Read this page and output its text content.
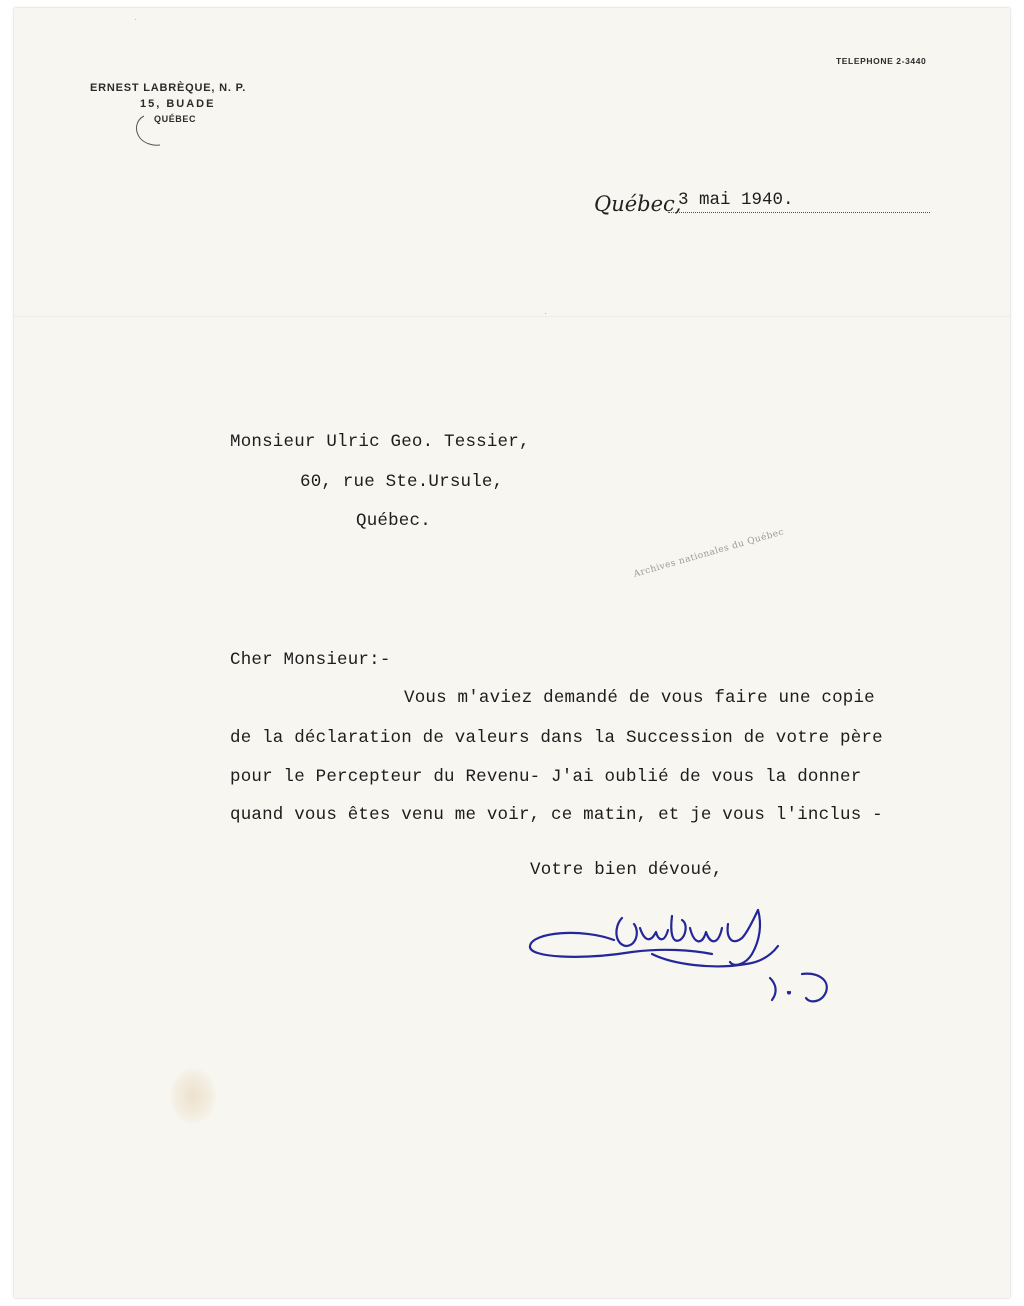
TELEPHONE 2-3440
ERNEST LABRÈQUE, N. P.
15, BUADE
QUÉBEC
Québec,
3 mai 1940.
Monsieur Ulric Geo. Tessier,
60, rue Ste.Ursule,
Québec.
Archives nationales du Québec
Cher Monsieur:-
Vous m'aviez demandé de vous faire une copie
de la déclaration de valeurs dans la Succession de votre père
pour le Percepteur du Revenu- J'ai oublié de vous la donner
quand vous êtes venu me voir, ce matin, et je vous l'inclus -
Votre bien dévoué,
·
·
